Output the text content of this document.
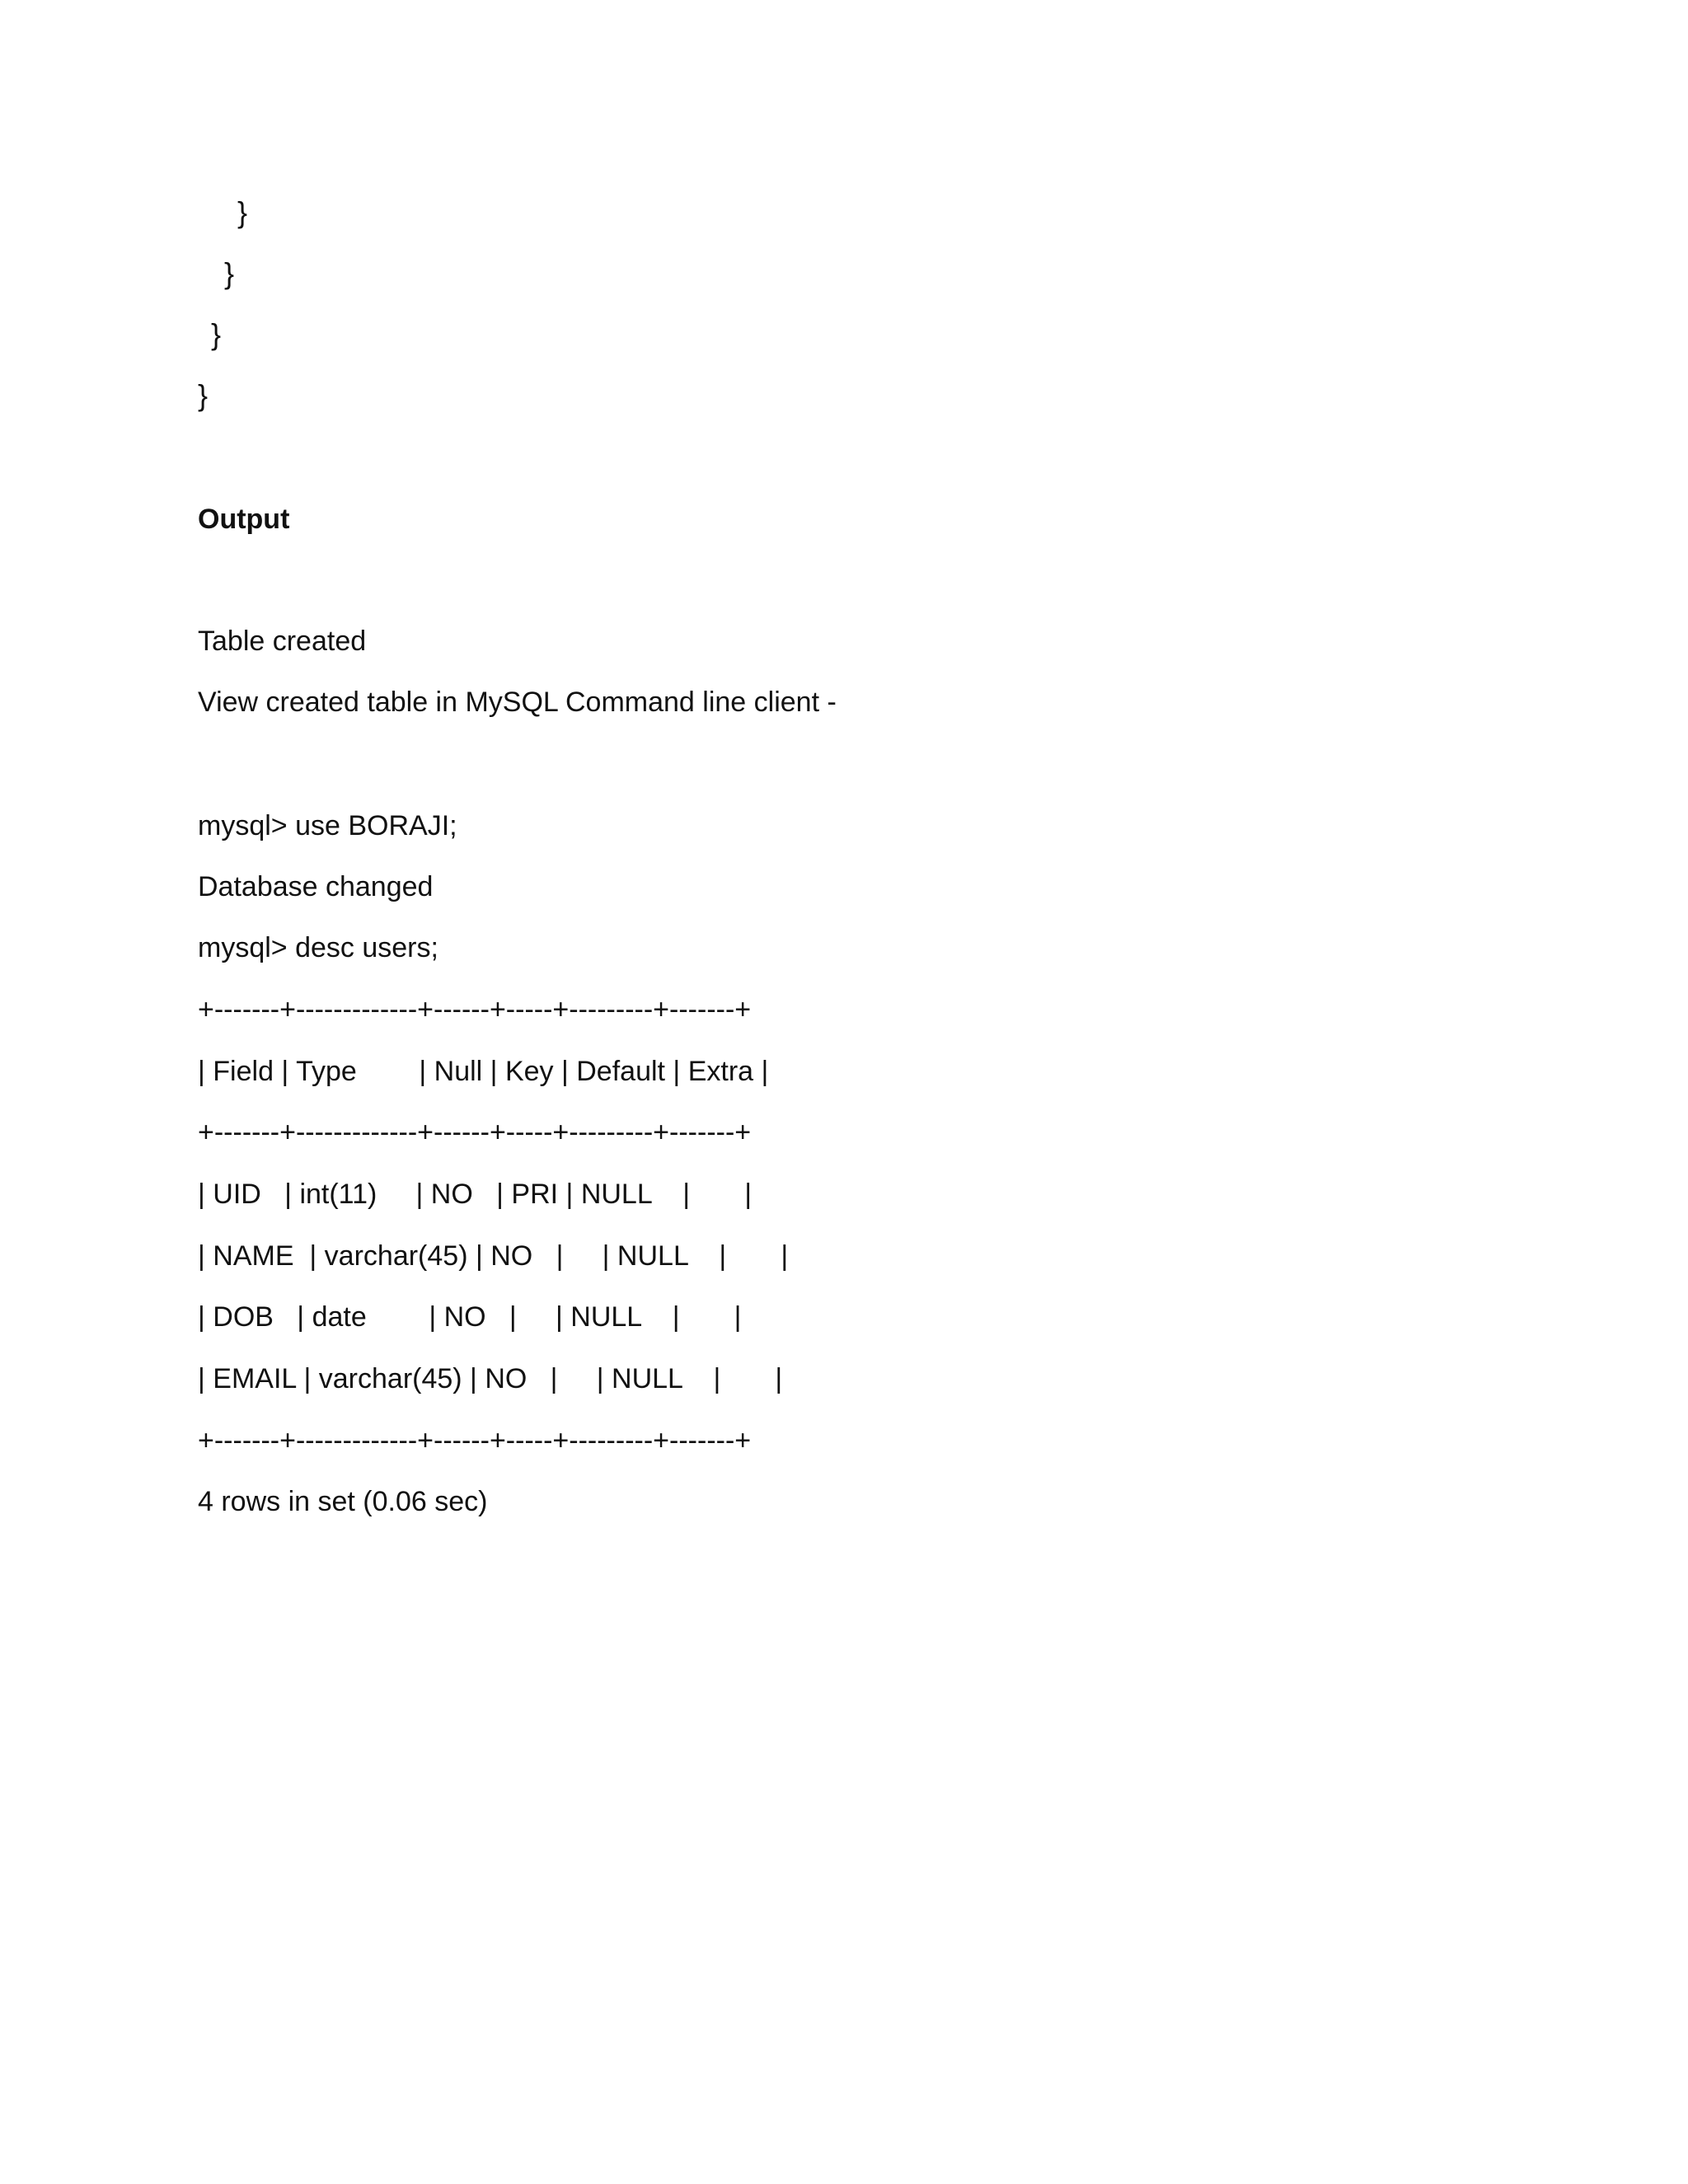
}
}
}
}
Output
Table created
View created table in MySQL Command line client -
mysql> use BORAJI;
Database changed
mysql> desc users;
+-------+-------------+------+-----+---------+-------+
| Field | Type        | Null | Key | Default | Extra |
+-------+-------------+------+-----+---------+-------+
| UID   | int(11)     | NO   | PRI | NULL    |       |
| NAME  | varchar(45) | NO   |     | NULL    |       |
| DOB   | date        | NO   |     | NULL    |       |
| EMAIL | varchar(45) | NO   |     | NULL    |       |
+-------+-------------+------+-----+---------+-------+
4 rows in set (0.06 sec)
